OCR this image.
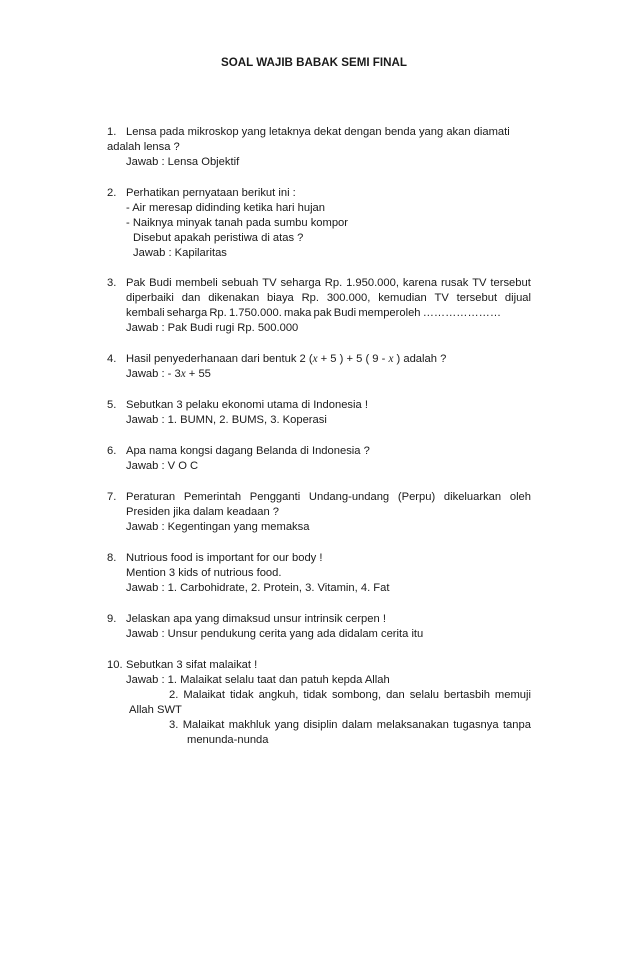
SOAL WAJIB BABAK SEMI FINAL
1. Lensa pada mikroskop yang letaknya dekat dengan benda yang akan diamati
adalah lensa ?
Jawab : Lensa Objektif
2. Perhatikan pernyataan berikut ini :
- Air meresap didinding ketika hari hujan
- Naiknya minyak tanah pada sumbu kompor
Disebut apakah peristiwa di atas ?
Jawab : Kapilaritas
3. Pak Budi membeli sebuah TV seharga Rp. 1.950.000, karena rusak TV tersebut
diperbaiki dan dikenakan biaya Rp. 300.000, kemudian TV tersebut dijual
kembali seharga Rp. 1.750.000. maka pak Budi memperoleh …………………
Jawab : Pak Budi rugi Rp. 500.000
4. Hasil penyederhanaan dari bentuk 2 (x + 5 ) + 5 ( 9 - x ) adalah ?
Jawab : - 3x + 55
5. Sebutkan 3 pelaku ekonomi utama di Indonesia !
Jawab : 1. BUMN, 2. BUMS, 3. Koperasi
6. Apa nama kongsi dagang Belanda di Indonesia ?
Jawab : V O C
7. Peraturan Pemerintah Pengganti Undang-undang (Perpu) dikeluarkan oleh
Presiden jika dalam keadaan ?
Jawab : Kegentingan yang memaksa
8. Nutrious food is important for our body !
Mention 3 kids of nutrious food.
Jawab : 1. Carbohidrate, 2. Protein, 3. Vitamin, 4. Fat
9. Jelaskan apa yang dimaksud unsur intrinsik cerpen !
Jawab : Unsur pendukung cerita yang ada didalam cerita itu
10. Sebutkan 3 sifat malaikat !
Jawab : 1. Malaikat selalu taat dan patuh kepda Allah
2. Malaikat tidak angkuh, tidak sombong, dan selalu bertasbih memuji
Allah SWT
3. Malaikat makhluk yang disiplin dalam melaksanakan tugasnya tanpa
menunda-nunda
